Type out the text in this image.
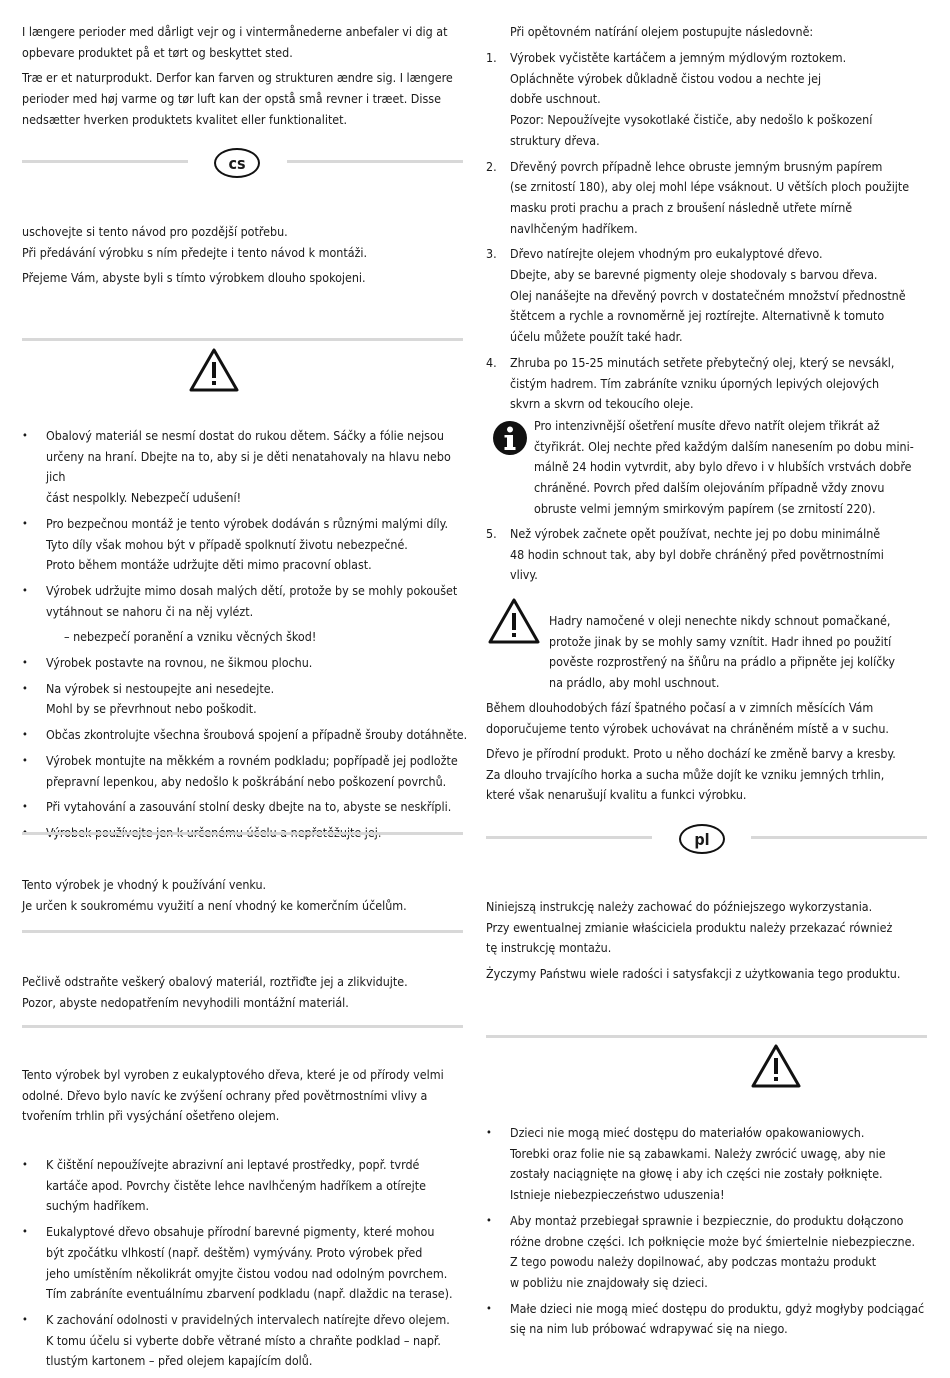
I længere perioder med dårligt vejr og i vintermånederne anbefaler vi dig at
opbevare produktet på et tørt og beskyttet sted.

Træ er et naturprodukt. Derfor kan farven og strukturen ændre sig. I længere
perioder med høj varme og tør luft kan der opstå små revner i træet. Disse
nedsætter hverken produktets kvalitet eller funktionalitet.

cs

uschovejte si tento návod pro pozdější potřebu.
Při předávání výrobku s ním předejte i tento návod k montáži.

Přejeme Vám, abyste byli s tímto výrobkem dlouho spokojeni.

• Obalový materiál se nesmí dostat do rukou dětem. Sáčky a fólie nejsou
určeny na hraní. Dbejte na to, aby si je děti nenatahovaly na hlavu nebo jich
část nespolkly. Nebezpečí udušení!
• Pro bezpečnou montáž je tento výrobek dodáván s různými malými díly.
Tyto díly však mohou být v případě spolknutí životu nebezpečné.
Proto během montáže udržujte děti mimo pracovní oblast.
• Výrobek udržujte mimo dosah malých dětí, protože by se mohly pokoušet
vytáhnout se nahoru či na něj vylézt.

– nebezpečí poranění a vzniku věcných škod!

• Výrobek postavte na rovnou, ne šikmou plochu.
• Na výrobek si nestoupejte ani nesedejte.
Mohl by se převrhnout nebo poškodit.
• Občas zkontrolujte všechna šroubová spojení a případně šrouby dotáhněte.
• Výrobek montujte na měkkém a rovném podkladu; popřípadě jej podložte
přepravní lepenkou, aby nedošlo k poškrábání nebo poškození povrchů.
• Při vytahování a zasouvání stolní desky dbejte na to, abyste se neskřípli.
•

Tento výrobek je vhodný k používání venku.
Je určen k soukromému využití a není vhodný ke komerčním účelům.

Pečlivě odstraňte veškerý obalový materiál, roztřiďte jej a zlikvidujte.
Pozor, abyste nedopatřením nevyhodili montážní materiál.

Tento výrobek byl vyroben z eukalyptového dřeva, které je od přírody velmi
odolné. Dřevo bylo navíc ke zvýšení ochrany před povětrnostními vlivy a
tvořením trhlin při vysýchání ošetřeno olejem.

• K čištění nepoužívejte abrazivní ani leptavé prostředky, popř. tvrdé
kartáče apod. Povrchy čistěte lehce navlhčeným hadříkem a otírejte
suchým hadříkem.
• Eukalyptové dřevo obsahuje přírodní barevné pigmenty, které mohou
být zpočátku vlhkostí (např. deštěm) vymývány. Proto výrobek před
jeho umístěním několikrát omyjte čistou vodou nad odolným povrchem.
Tím zabráníte eventuálnímu zbarvení podkladu (např. dlaždic na terase).
• K zachování odolnosti v pravidelných intervalech natírejte dřevo olejem.
K tomu účelu si vyberte dobře větrané místo a chraňte podklad – např.
tlustým kartonem – před olejem kapajícím dolů.

Při opětovném natírání olejem postupujte následovně:

1. Výrobek vyčistěte kartáčem a jemným mýdlovým roztokem.
Opláchněte výrobek důkladně čistou vodou a nechte jej
dobře uschnout.
Pozor: Nepoužívejte vysokotlaké čističe, aby nedošlo k poškození
struktury dřeva.
2. Dřevěný povrch případně lehce obruste jemným brusným papírem
(se zrnitostí 180), aby olej mohl lépe vsáknout. U větších ploch použijte
masku proti prachu a prach z broušení následně utřete mírně
navlhčeným hadříkem.
3. Dřevo natírejte olejem vhodným pro eukalyptové dřevo.
Dbejte, aby se barevné pigmenty oleje shodovaly s barvou dřeva.
Olej nanášejte na dřevěný povrch v dostatečném množství přednostně
štětcem a rychle a rovnoměrně jej roztírejte. Alternativně k tomuto
účelu můžete použít také hadr.
4. Zhruba po 15-25 minutách setřete přebytečný olej, který se nevsákl,
čistým hadrem. Tím zabráníte vzniku úporných lepivých olejových
skvrn a skvrn od tekoucího oleje.

Pro intenzivnější ošetření musíte dřevo natřít olejem třikrát až
čtyřikrát. Olej nechte před každým dalším nanesením po dobu mini-
málně 24 hodin vytvrdit, aby bylo dřevo i v hlubších vrstvách dobře
chráněné. Povrch před dalším olejováním případně vždy znovu
obruste velmi jemným smirkovým papírem (se zrnitostí 220).

5. Než výrobek začnete opět používat, nechte jej po dobu minimálně
48 hodin schnout tak, aby byl dobře chráněný před povětrnostními
vlivy.

Hadry namočené v oleji nenechte nikdy schnout pomačkané,
protože jinak by se mohly samy vznítit. Hadr ihned po použití
pověste rozprostřený na šňůru na prádlo a připněte jej kolíčky
na prádlo, aby mohl uschnout.

Během dlouhodobých fází špatného počasí a v zimních měsících Vám
doporučujeme tento výrobek uchovávat na chráněném místě a v suchu.

Dřevo je přírodní produkt. Proto u něho dochází ke změně barvy a kresby.
Za dlouho trvajícího horka a sucha může dojít ke vzniku jemných trhlin,
které však nenarušují kvalitu a funkci výrobku.

pl

Niniejszą instrukcję należy zachować do późniejszego wykorzystania.
Przy ewentualnej zmianie właściciela produktu należy przekazać również
tę instrukcję montażu.

Życzymy Państwu wiele radości i satysfakcji z użytkowania tego produktu.

• Dzieci nie mogą mieć dostępu do materiałów opakowaniowych.
Torebki oraz folie nie są zabawkami. Należy zwrócić uwagę, aby nie
zostały naciągnięte na głowę i aby ich części nie zostały połknięte.
Istnieje niebezpieczeństwo uduszenia!
• Aby montaż przebiegał sprawnie i bezpiecznie, do produktu dołączono
różne drobne części. Ich połknięcie może być śmiertelnie niebezpieczne.
Z tego powodu należy dopilnować, aby podczas montażu produkt
w pobliżu nie znajdowały się dzieci.
• Małe dzieci nie mogą mieć dostępu do produktu, gdyż mogłyby podciągać
się na nim lub próbować wdrapywać się na niego.
